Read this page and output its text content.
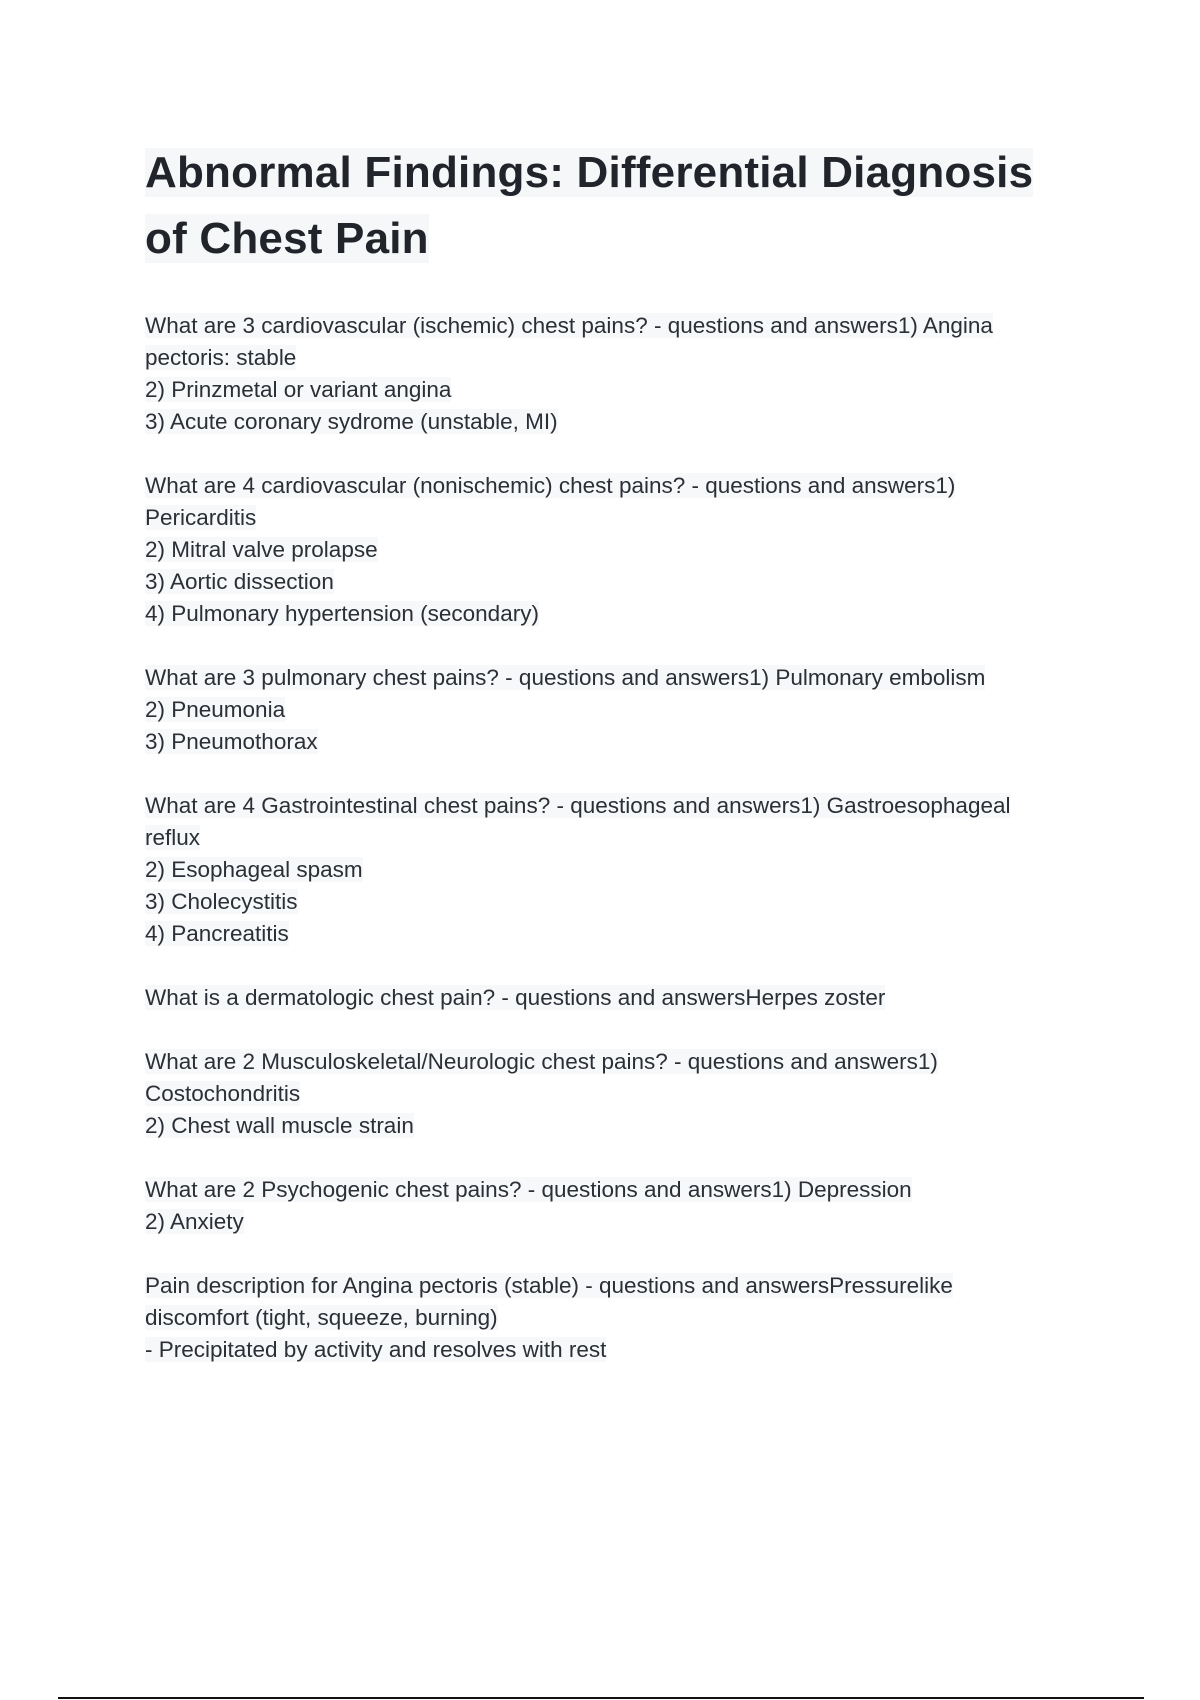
Abnormal Findings: Differential Diagnosis
of Chest Pain
What are 3 cardiovascular (ischemic) chest pains? - questions and answers1) Angina
pectoris: stable
2) Prinzmetal or variant angina
3) Acute coronary sydrome (unstable, MI)
What are 4 cardiovascular (nonischemic) chest pains? - questions and answers1)
Pericarditis
2) Mitral valve prolapse
3) Aortic dissection
4) Pulmonary hypertension (secondary)
What are 3 pulmonary chest pains? - questions and answers1) Pulmonary embolism
2) Pneumonia
3) Pneumothorax
What are 4 Gastrointestinal chest pains? - questions and answers1) Gastroesophageal
reflux
2) Esophageal spasm
3) Cholecystitis
4) Pancreatitis
What is a dermatologic chest pain? - questions and answersHerpes zoster
What are 2 Musculoskeletal/Neurologic chest pains? - questions and answers1)
Costochondritis
2) Chest wall muscle strain
What are 2 Psychogenic chest pains? - questions and answers1) Depression
2) Anxiety
Pain description for Angina pectoris (stable) - questions and answersPressurelike
discomfort (tight, squeeze, burning)
- Precipitated by activity and resolves with rest
